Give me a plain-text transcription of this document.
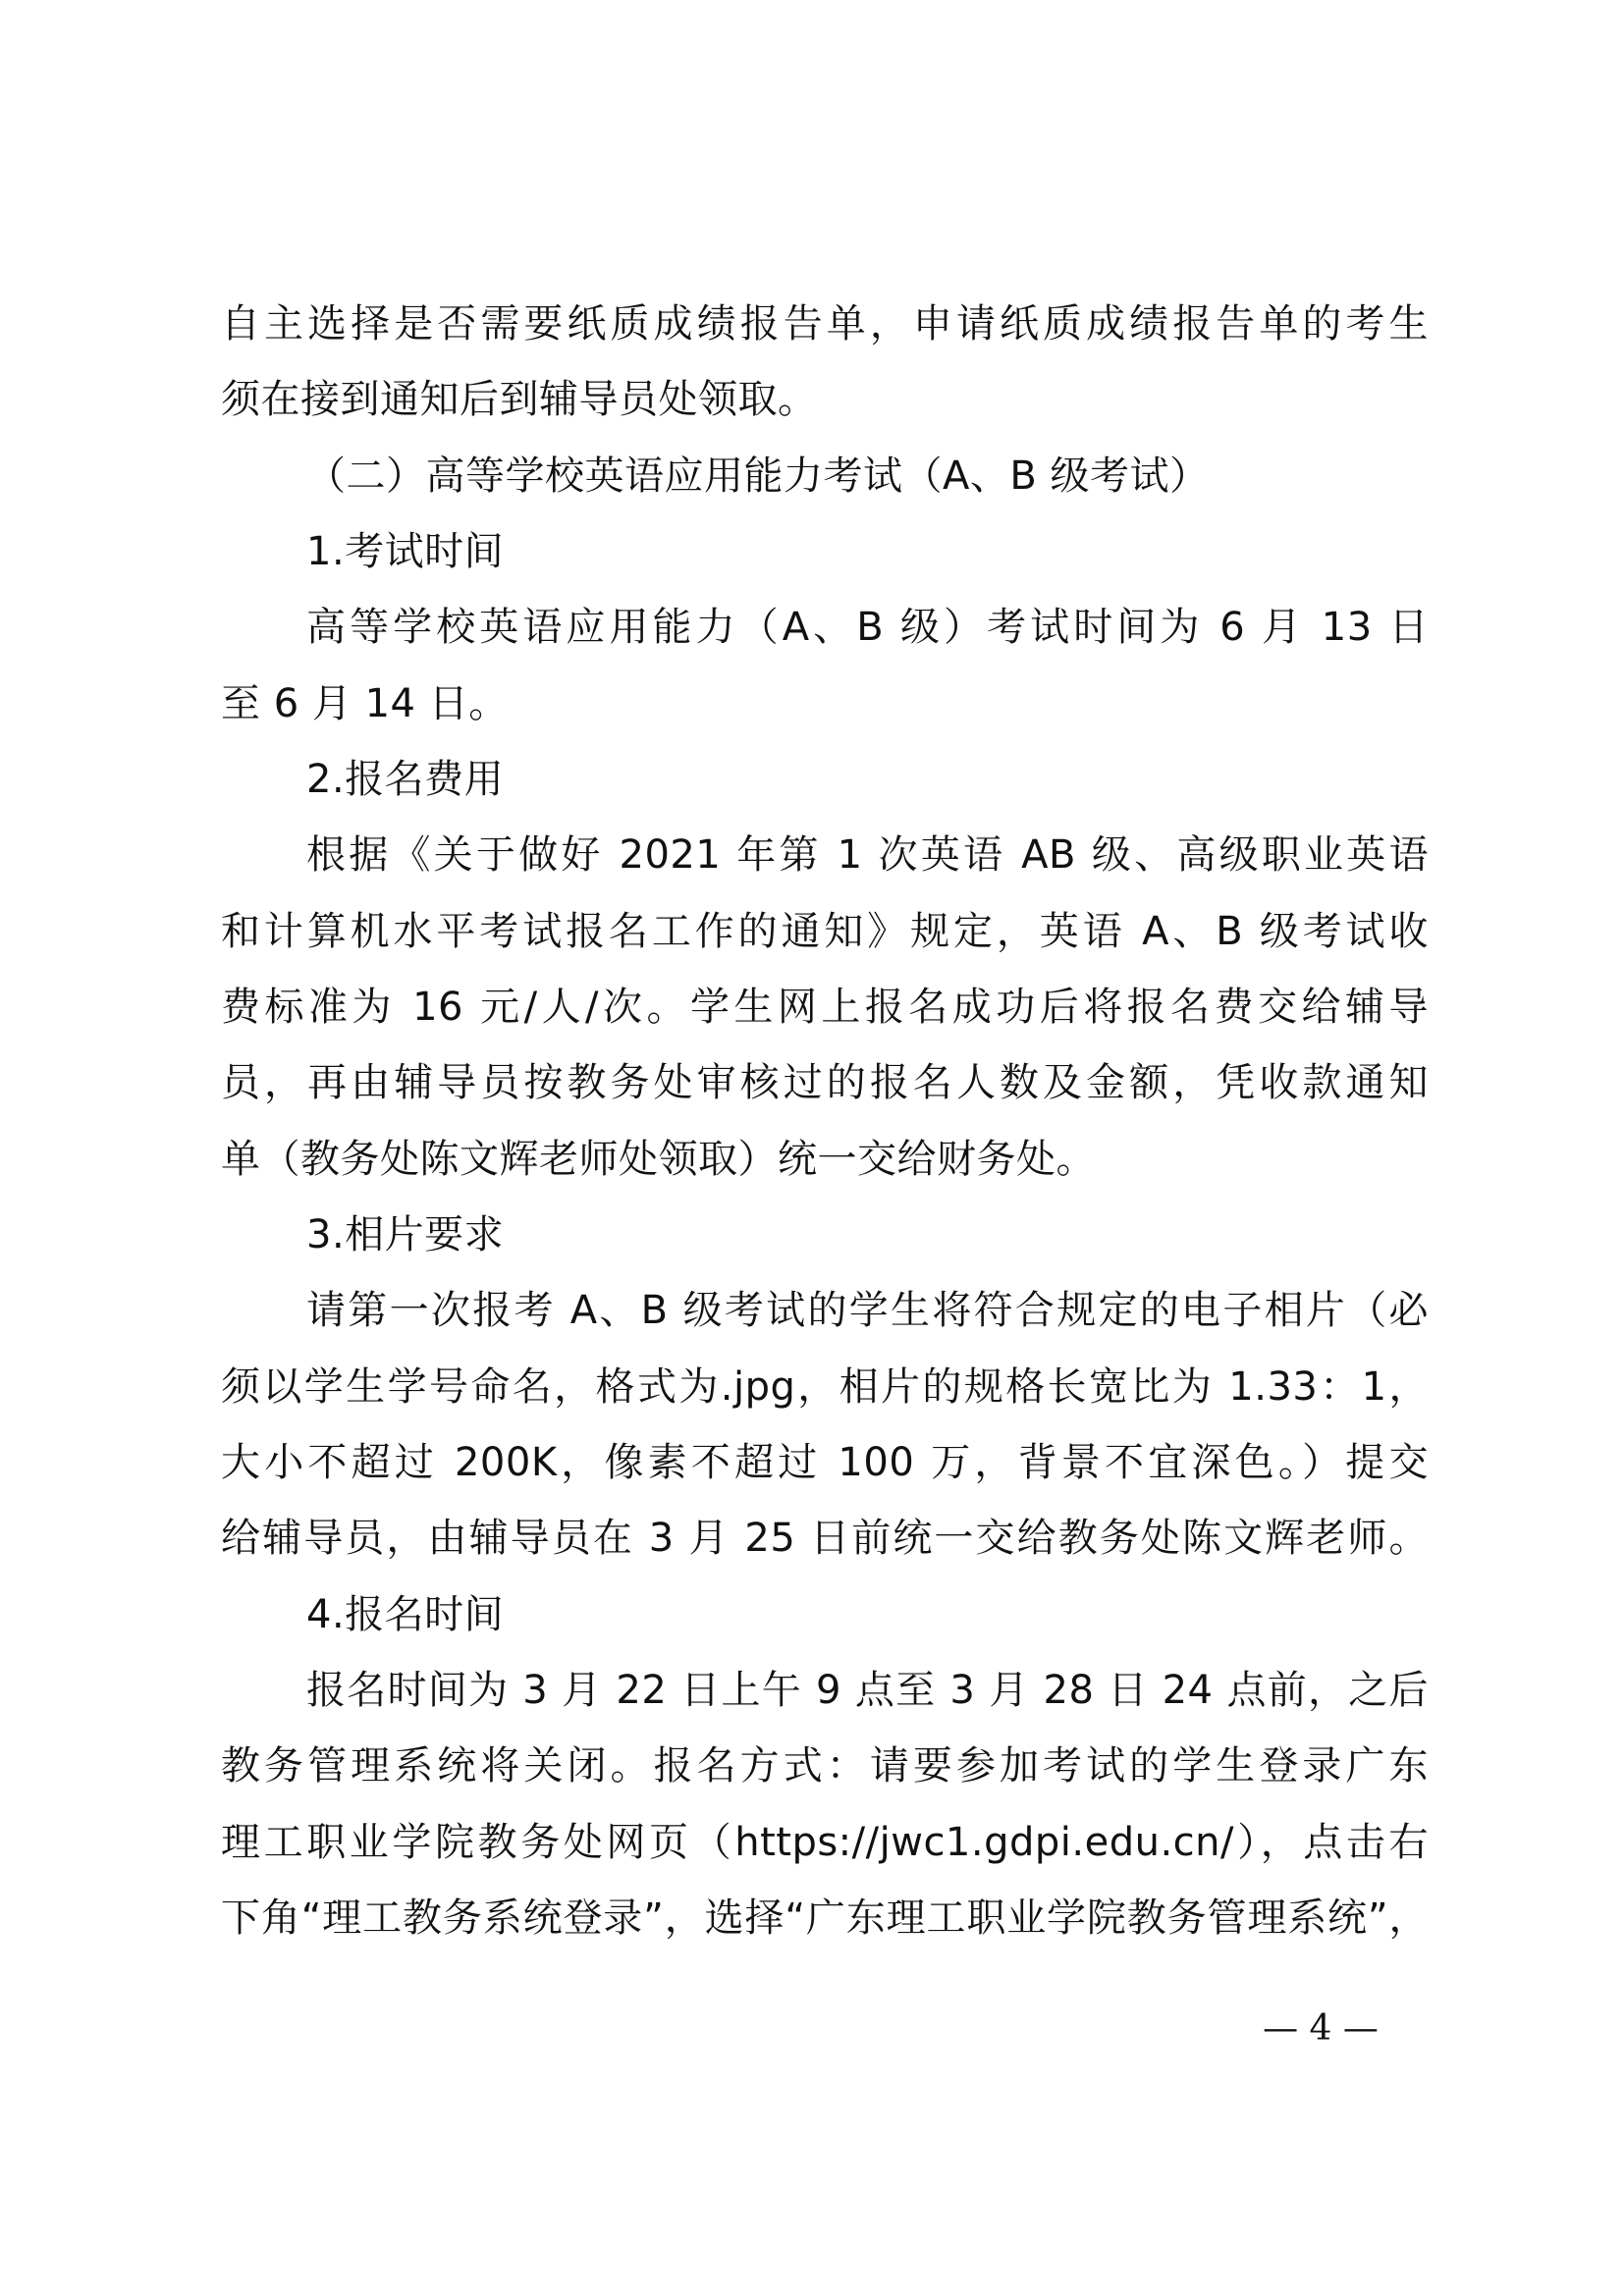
自主选择是否需要纸质成绩报告单，申请纸质成绩报告单的考生
须在接到通知后到辅导员处领取。
（二）高等学校英语应用能力考试（A、B 级考试）
1.考试时间
高等学校英语应用能力（A、B 级）考试时间为 6 月 13 日
至 6 月 14 日。
2.报名费用
根据《关于做好 2021 年第 1 次英语 AB 级、高级职业英语
和计算机水平考试报名工作的通知》规定，英语 A、B 级考试收
费标准为 16 元/人/次。学生网上报名成功后将报名费交给辅导
员，再由辅导员按教务处审核过的报名人数及金额，凭收款通知
单（教务处陈文辉老师处领取）统一交给财务处。
3.相片要求
请第一次报考 A、B 级考试的学生将符合规定的电子相片（必
须以学生学号命名，格式为.jpg，相片的规格长宽比为 1.33：1，
大小不超过 200K，像素不超过 100 万，背景不宜深色。）提交
给辅导员，由辅导员在 3 月 25 日前统一交给教务处陈文辉老师。
4.报名时间
报名时间为 3 月 22 日上午 9 点至 3 月 28 日 24 点前，之后
教务管理系统将关闭。报名方式：请要参加考试的学生登录广东
理工职业学院教务处网页（https://jwc1.gdpi.edu.cn/），点击右
下角“理工教务系统登录”，选择“广东理工职业学院教务管理系统”，
— 4 —
